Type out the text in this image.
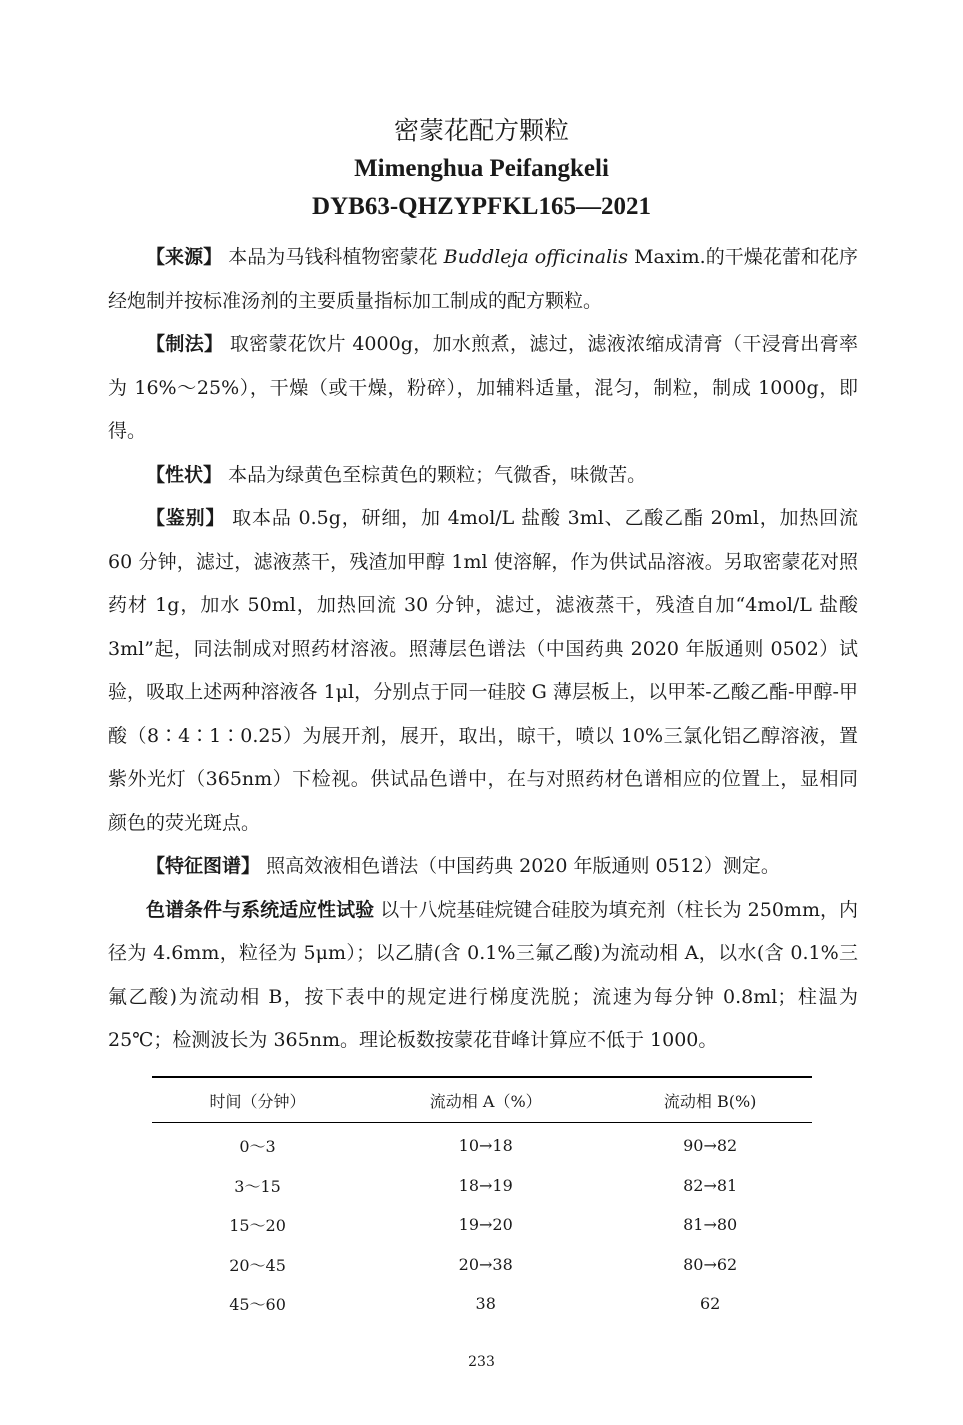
密蒙花配方颗粒
Mimenghua Peifangkeli
DYB63-QHZYPFKL165—2021

【来源】 本品为马钱科植物密蒙花 Buddleja officinalis Maxim.的干燥花蕾和花序经炮制并按标准汤剂的主要质量指标加工制成的配方颗粒。

【制法】 取密蒙花饮片 4000g，加水煎煮，滤过，滤液浓缩成清膏（干浸膏出膏率为 16%～25%），干燥（或干燥，粉碎），加辅料适量，混匀，制粒，制成 1000g，即得。

【性状】 本品为绿黄色至棕黄色的颗粒；气微香，味微苦。

【鉴别】 取本品 0.5g，研细，加 4mol/L 盐酸 3ml、乙酸乙酯 20ml，加热回流 60 分钟，滤过，滤液蒸干，残渣加甲醇 1ml 使溶解，作为供试品溶液。另取密蒙花对照药材 1g，加水 50ml，加热回流 30 分钟，滤过，滤液蒸干，残渣自加“4mol/L 盐酸 3ml”起，同法制成对照药材溶液。照薄层色谱法（中国药典 2020 年版通则 0502）试验，吸取上述两种溶液各 1μl，分别点于同一硅胶 G 薄层板上，以甲苯-乙酸乙酯-甲醇-甲酸（8∶4∶1∶0.25）为展开剂，展开，取出，晾干，喷以 10%三氯化铝乙醇溶液，置紫外光灯（365nm）下检视。供试品色谱中，在与对照药材色谱相应的位置上，显相同颜色的荧光斑点。

【特征图谱】 照高效液相色谱法（中国药典 2020 年版通则 0512）测定。

色谱条件与系统适应性试验 以十八烷基硅烷键合硅胶为填充剂（柱长为 250mm，内径为 4.6mm，粒径为 5μm）；以乙腈(含 0.1%三氟乙酸)为流动相 A，以水(含 0.1%三氟乙酸)为流动相 B，按下表中的规定进行梯度洗脱；流速为每分钟 0.8ml；柱温为 25℃；检测波长为 365nm。理论板数按蒙花苷峰计算应不低于 1000。

时间（分钟）	流动相 A（%）	流动相 B(%)
0～3	10→18	90→82
3～15	18→19	82→81
15～20	19→20	81→80
20～45	20→38	80→62
45～60	38	62
233
